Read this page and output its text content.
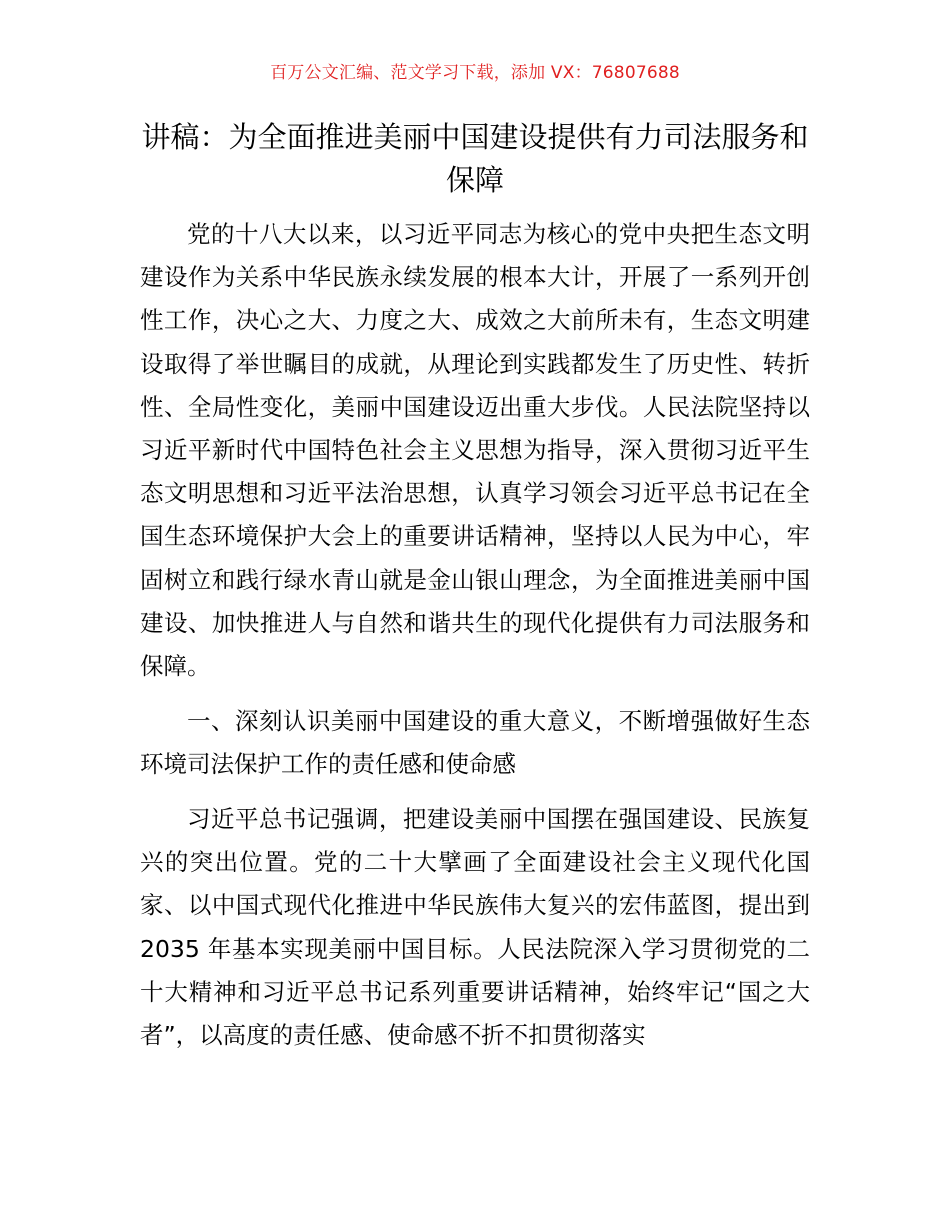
百万公文汇编、范文学习下载，添加 VX：76807688
讲稿：为全面推进美丽中国建设提供有力司法服务和保障

党的十八大以来，以习近平同志为核心的党中央把生态文明建设作为关系中华民族永续发展的根本大计，开展了一系列开创性工作，决心之大、力度之大、成效之大前所未有，生态文明建设取得了举世瞩目的成就，从理论到实践都发生了历史性、转折性、全局性变化，美丽中国建设迈出重大步伐。人民法院坚持以习近平新时代中国特色社会主义思想为指导，深入贯彻习近平生态文明思想和习近平法治思想，认真学习领会习近平总书记在全国生态环境保护大会上的重要讲话精神，坚持以人民为中心，牢固树立和践行绿水青山就是金山银山理念，为全面推进美丽中国建设、加快推进人与自然和谐共生的现代化提供有力司法服务和保障。

一、深刻认识美丽中国建设的重大意义，不断增强做好生态环境司法保护工作的责任感和使命感

习近平总书记强调，把建设美丽中国摆在强国建设、民族复兴的突出位置。党的二十大擘画了全面建设社会主义现代化国家、以中国式现代化推进中华民族伟大复兴的宏伟蓝图，提出到 2035 年基本实现美丽中国目标。人民法院深入学习贯彻党的二十大精神和习近平总书记系列重要讲话精神，始终牢记“国之大者”，以高度的责任感、使命感不折不扣贯彻落实
